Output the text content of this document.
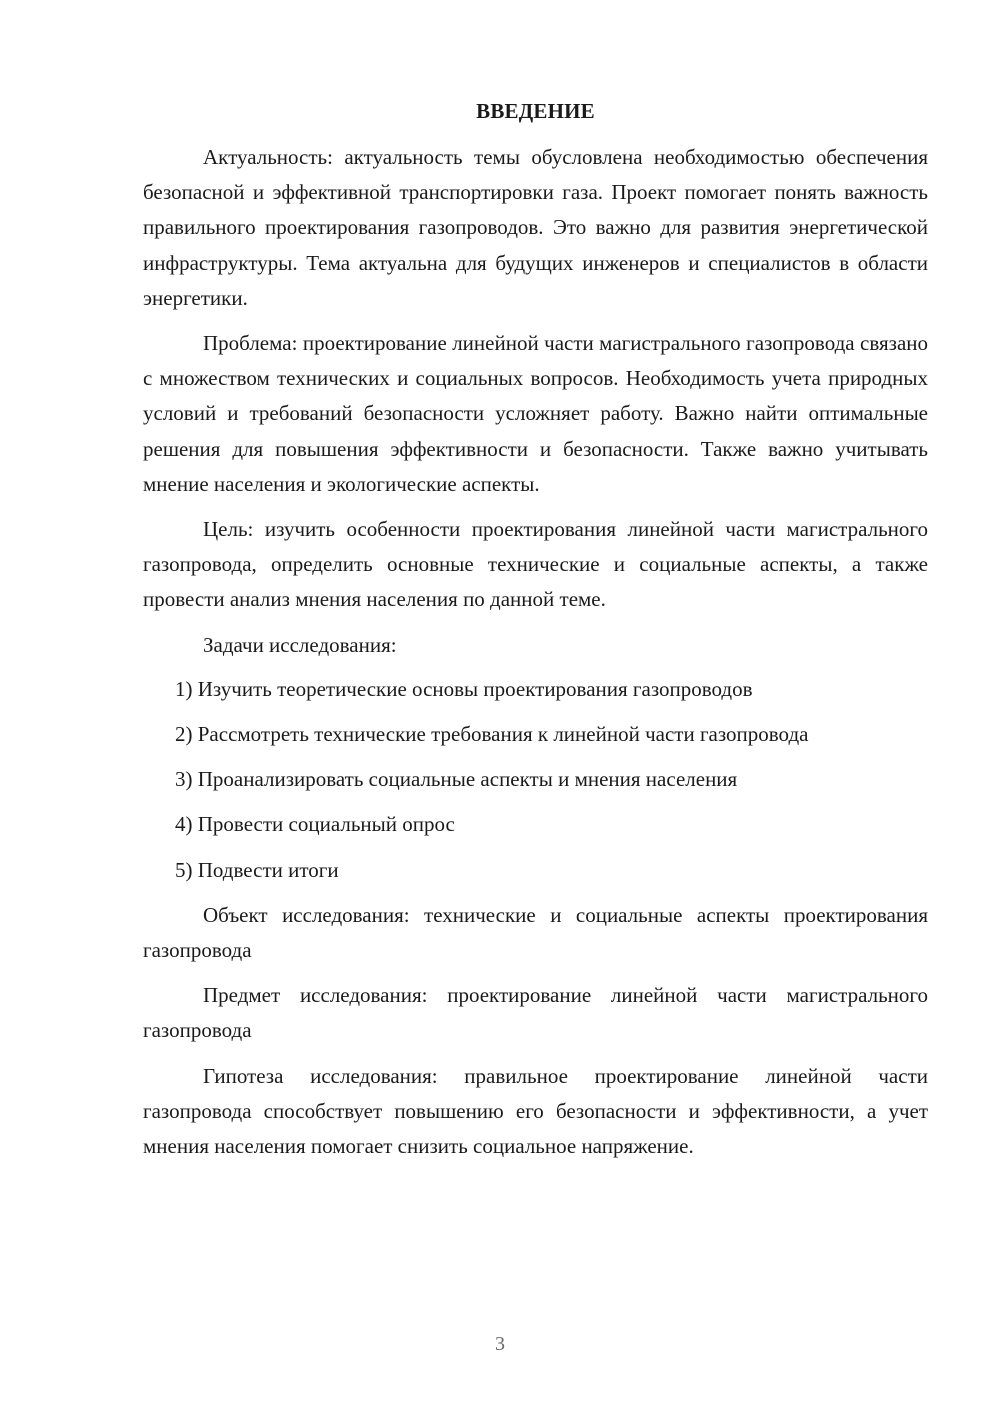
ВВЕДЕНИЕ

Актуальность: актуальность темы обусловлена необходимостью обеспечения безопасной и эффективной транспортировки газа. Проект помогает понять важность правильного проектирования газопроводов. Это важно для развития энергетической инфраструктуры. Тема актуальна для будущих инженеров и специалистов в области энергетики.

Проблема: проектирование линейной части магистрального газопровода связано с множеством технических и социальных вопросов. Необходимость учета природных условий и требований безопасности усложняет работу. Важно найти оптимальные решения для повышения эффективности и безопасности. Также важно учитывать мнение населения и экологические аспекты.

Цель: изучить особенности проектирования линейной части магистрального газопровода, определить основные технические и социальные аспекты, а также провести анализ мнения населения по данной теме.

Задачи исследования:

1) Изучить теоретические основы проектирования газопроводов
2) Рассмотреть технические требования к линейной части газопровода
3) Проанализировать социальные аспекты и мнения населения
4) Провести социальный опрос
5) Подвести итоги

Объект исследования: технические и социальные аспекты проектирования газопровода

Предмет исследования: проектирование линейной части магистрального газопровода

Гипотеза исследования: правильное проектирование линейной части газопровода способствует повышению его безопасности и эффективности, а учет мнения населения помогает снизить социальное напряжение.

3
